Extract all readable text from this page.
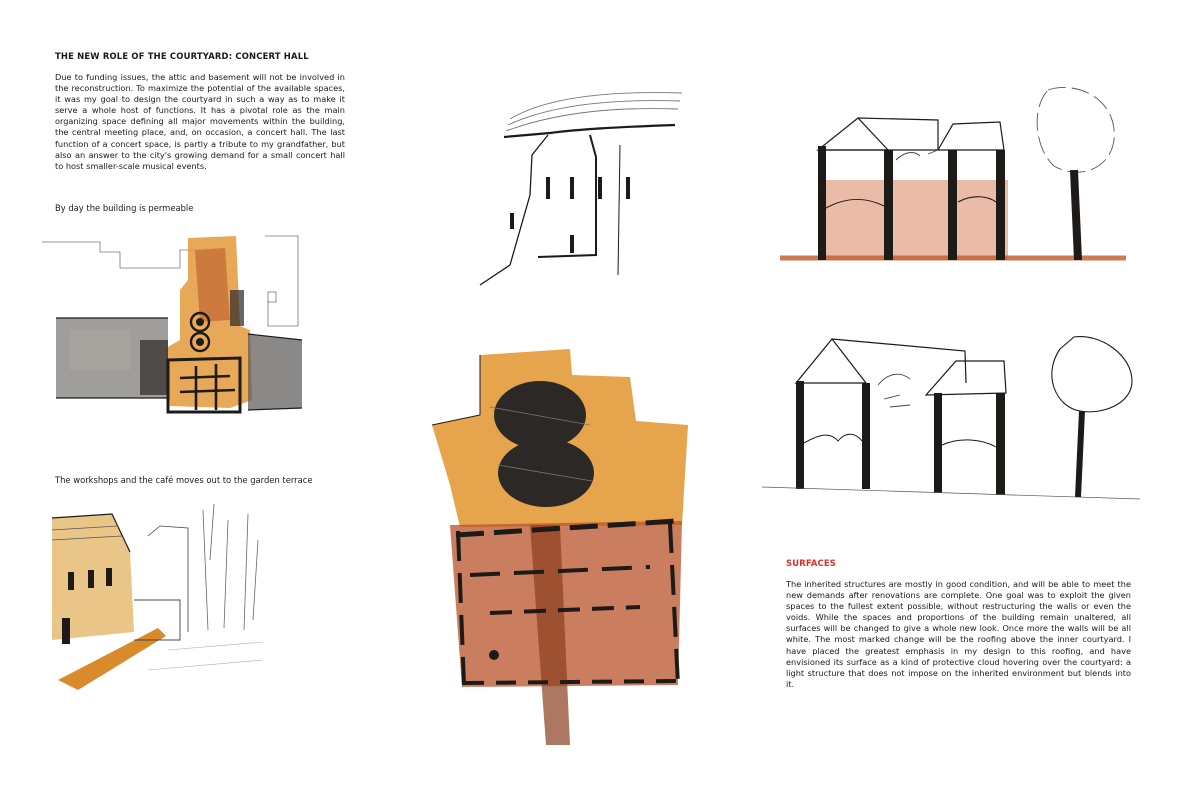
THE NEW ROLE OF THE COURTYARD: CONCERT HALL
Due to funding issues, the attic and basement will not be involved in the reconstruction. To maximize the potential of the available spaces, it was my goal to design the courtyard in such a way as to make it serve a whole host of functions. It has a pivotal role as the main organizing space defining all major movements within the building, the central meeting place, and, on occasion, a concert hall. The last function of a concert space, is partly a tribute to my grandfather, but also an answer to the city's growing demand for a small concert hall to host smaller-scale musical events.
By day the building is permeable
The workshops and the café moves out to the garden terrace
SURFACES
The inherited structures are mostly in good condition, and will be able to meet the new demands after renovations are complete. One goal was to exploit the given spaces to the fullest extent possible, without restructuring the walls or even the voids. While the spaces and proportions of the building remain unaltered, all surfaces will be changed to give a whole new look. Once more the walls will be all white. The most marked change will be the roofing above the inner courtyard. I have placed the greatest emphasis in my design to this roofing, and have envisioned its surface as a kind of protective cloud hovering over the courtyard: a light structure that does not impose on the inherited environment but blends into it.
